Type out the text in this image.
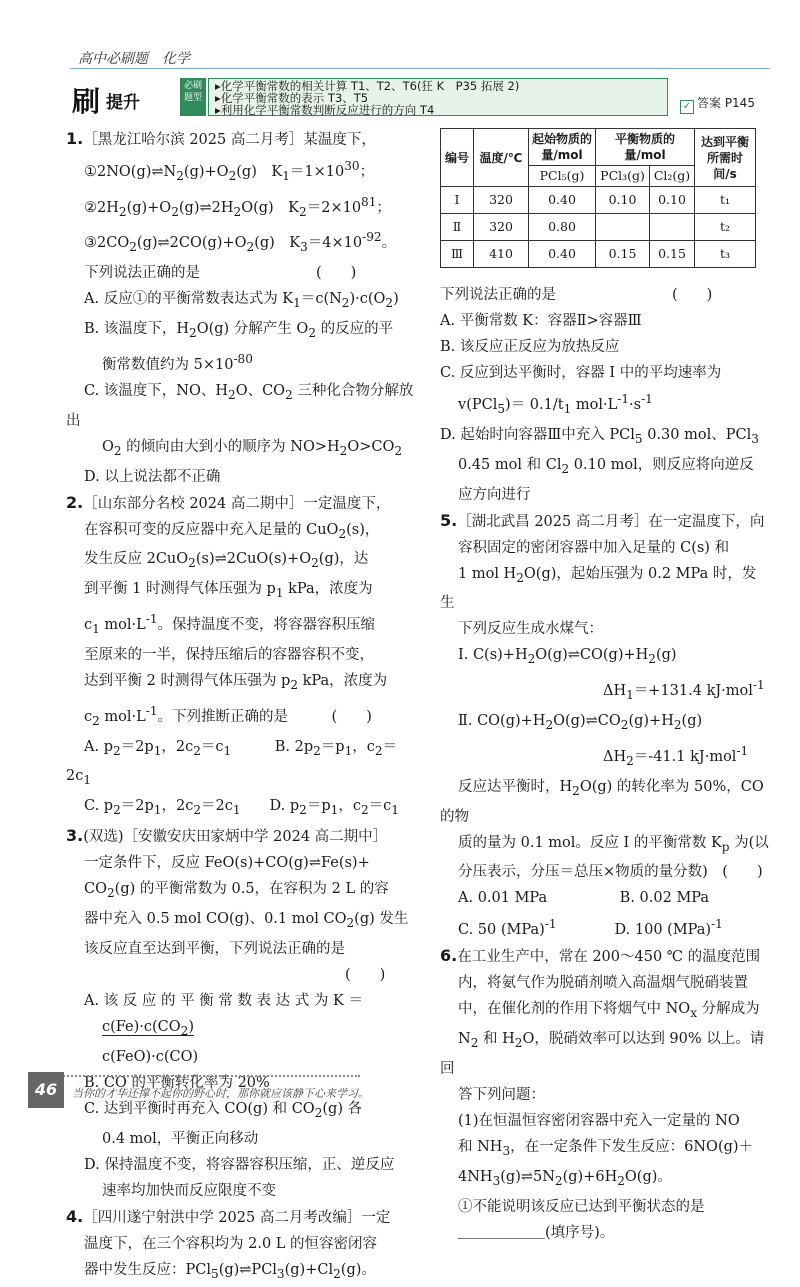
高中必刷题　化学
刷 提升
必刷题型
▸化学平衡常数的相关计算 T1、T2、T6(狂 K　P35 拓展 2)
▸化学平衡常数的表示 T3、T5
▸利用化学平衡常数判断反应进行的方向 T4	✓ 答案 P145

1.［黑龙江哈尔滨 2025 高二月考］某温度下，

$①2NO(g)\rightleftharpoons N_2(g)+O_2(g)$　$K_1=1\times 10^{30}$；

$②2H_2(g)+O_2(g)\rightleftharpoons 2H_2O(g)$　$K_2=2\times 10^{81}$；

$③2CO_2(g)\rightleftharpoons 2CO(g)+O_2(g)$　$K_3=4\times 10^{-92}$。

下列说法正确的是　　　　　　　　(　　)

A. 反应①的平衡常数表达式为 $K_1=c(N_2)\cdot c(O_2)$

B. 该温度下，$H_2O(g)$ 分解产生 $O_2$ 的反应的平

衡常数值约为 $5\times 10^{-80}$

C. 该温度下，NO、$H_2O$、$CO_2$ 三种化合物分解放出

$O_2$ 的倾向由大到小的顺序为 $NO>H_2O>CO_2$

D. 以上说法都不正确

2.［山东部分名校 2024 高二期中］一定温度下，

在容积可变的反应器中充入足量的 CuO$_2$(s)，

发生反应 $2CuO_2(s)\rightleftharpoons 2CuO(s)+O_2(g)$，达

到平衡 1 时测得气体压强为 $p_1$ kPa，浓度为

$c_1$ $mol\cdot L^{-1}$。保持温度不变，将容器容积压缩

至原来的一半，保持压缩后的容器容积不变，

达到平衡 2 时测得气体压强为 $p_2$ kPa，浓度为

$c_2$ $mol\cdot L^{-1}$。下列推断正确的是　　　(　　)

A. $p_2=2p_1$，$2c_2=c_1$　　　B. $2p_2=p_1$，$c_2=2c_1$

C. $p_2=2p_1$，$2c_2=2c_1$　　D. $p_2=p_1$，$c_2=c_1$

3.(双选)［安徽安庆田家炳中学 2024 高二期中］

一定条件下，反应 FeO(s)+CO(g)⇌Fe(s)+

$CO_2(g)$ 的平衡常数为 0.5，在容积为 2 L 的容

器中充入 0.5 mol CO(g)、0.1 mol $CO_2(g)$ 发生

该反应直至达到平衡，下列说法正确的是

　　　　　　　　　　　　　　　　　　(　　)

A. 该 反 应 的 平 衡 常 数 表 达 式 为 K ＝

$c(Fe)\cdot c(CO_2)$

c(FeO)·c(CO)

B. CO 的平衡转化率为 20%

C. 达到平衡时再充入 CO(g) 和 $CO_2(g)$ 各

0.4 mol，平衡正向移动

D. 保持温度不变，将容器容积压缩，正、逆反应

速率均加快而反应限度不变

4.［四川遂宁射洪中学 2025 高二月考改编］一定

温度下，在三个容积均为 2.0 L 的恒容密闭容

器中发生反应：$PCl_5(g)\rightleftharpoons PCl_3(g)+Cl_2(g)$。

编号	温度/℃	起始物质的量/mol	平衡物质的量/mol		达到平衡所需时间/s
		PCl₅(g)	PCl₃(g)	Cl₂(g)	
Ⅰ	320	0.40	0.10	0.10	t₁
Ⅱ	320	0.80			t₂
Ⅲ	410	0.40	0.15	0.15	t₃

下列说法正确的是　　　　　　　　(　　)

A. 平衡常数 K：容器Ⅱ>容器Ⅲ

B. 该反应正反应为放热反应

C. 反应到达平衡时，容器 Ⅰ 中的平均速率为

$v(PCl_5)= 0.1/t_1$ $mol\cdot L^{-1}\cdot s^{-1}$

D. 起始时向容器Ⅲ中充入 PCl$_5$ 0.30 mol、PCl$_3$

0.45 mol 和 $Cl_2$ 0.10 mol，则反应将向逆反

应方向进行

5.［湖北武昌 2025 高二月考］在一定温度下，向

容积固定的密闭容器中加入足量的 C(s) 和

1 mol $H_2O(g)$，起始压强为 0.2 MPa 时，发生

下列反应生成水煤气：

Ⅰ. $C(s)+H_2O(g)\rightleftharpoons CO(g)+H_2(g)$

　　　　　　　　　　$\Delta H_1=+131.4$ kJ·mol$^{-1}$

Ⅱ. $CO(g)+H_2O(g)\rightleftharpoons CO_2(g)+H_2(g)$

　　　　　　　　　　$\Delta H_2=-41.1$ kJ·mol$^{-1}$

反应达平衡时，$H_2O(g)$ 的转化率为 50%，CO 的物

质的量为 0.1 mol。反应 Ⅰ 的平衡常数 $K_p$ 为(以

分压表示，分压＝总压×物质的量分数)　(　　)

A. 0.01 MPa　　　　　B. 0.02 MPa

C. 50 (MPa)$^{-1}$　　　　D. 100 (MPa)$^{-1}$

6.在工业生产中，常在 200～450 ℃ 的温度范围

内，将氨气作为脱硝剂喷入高温烟气脱硝装置

中，在催化剂的作用下将烟气中 $NO_x$ 分解成为

$N_2$ 和 $H_2O$，脱硝效率可以达到 90% 以上。请回

答下列问题：

(1)在恒温恒容密闭容器中充入一定量的 NO

和 $NH_3$，在一定条件下发生反应：6NO(g)＋

$4NH_3(g)\rightleftharpoons 5N_2(g)+6H_2O(g)$。

①不能说明该反应已达到平衡状态的是

＿＿＿＿＿＿(填序号)。

46	当你的才华还撑不起你的野心时，那你就应该静下心来学习。
